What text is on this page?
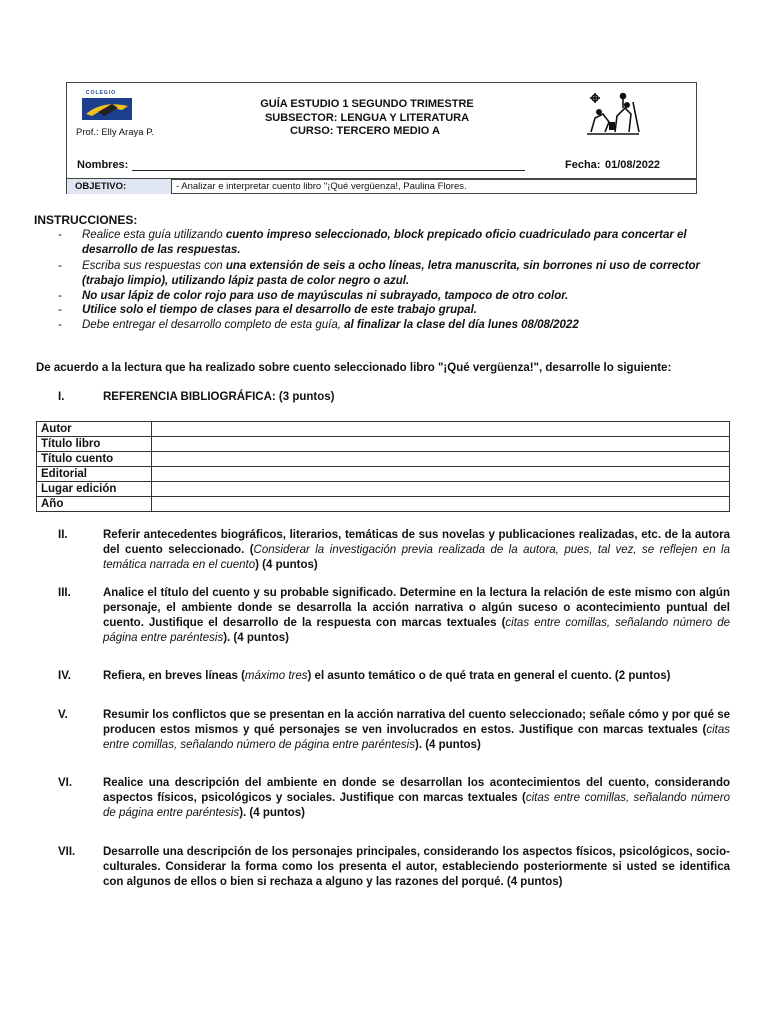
COLEGIO
Prof.: Elly Araya P.
GUÍA ESTUDIO 1 SEGUNDO TRIMESTRE
SUBSECTOR: LENGUA Y LITERATURA
CURSO: TERCERO MEDIO A
Nombres:	Fecha: 01/08/2022
OBJETIVO:	- Analizar e interpretar cuento libro "¡Qué vergüenza!, Paulina Flores.
INSTRUCCIONES:
- Realice esta guía utilizando cuento impreso seleccionado, block prepicado oficio cuadriculado para concertar el desarrollo de las respuestas.
- Escriba sus respuestas con una extensión de seis a ocho líneas, letra manuscrita, sin borrones ni uso de corrector (trabajo limpio), utilizando lápiz pasta de color negro o azul.
- No usar lápiz de color rojo para uso de mayúsculas ni subrayado, tampoco de otro color.
- Utilice solo el tiempo de clases para el desarrollo de este trabajo grupal.
- Debe entregar el desarrollo completo de esta guía, al finalizar la clase del día lunes 08/08/2022
De acuerdo a la lectura que ha realizado sobre cuento seleccionado libro "¡Qué vergüenza!", desarrolle lo siguiente:
I.	REFERENCIA BIBLIOGRÁFICA: (3 puntos)
Autor	
Título libro	
Título cuento	
Editorial	
Lugar edición	
Año	
II.	Referir antecedentes biográficos, literarios, temáticas de sus novelas y publicaciones realizadas, etc. de la autora del cuento seleccionado. (Considerar la investigación previa realizada de la autora, pues, tal vez, se reflejen en la temática narrada en el cuento) (4 puntos)
III.	Analice el título del cuento y su probable significado. Determine en la lectura la relación de este mismo con algún personaje, el ambiente donde se desarrolla la acción narrativa o algún suceso o acontecimiento puntual del cuento. Justifique el desarrollo de la respuesta con marcas textuales (citas entre comillas, señalando número de página entre paréntesis). (4 puntos)
IV.	Refiera, en breves líneas (máximo tres) el asunto temático o de qué trata en general el cuento. (2 puntos)
V.	Resumir los conflictos que se presentan en la acción narrativa del cuento seleccionado; señale cómo y por qué se producen estos mismos y qué personajes se ven involucrados en estos. Justifique con marcas textuales (citas entre comillas, señalando número de página entre paréntesis). (4 puntos)
VI.	Realice una descripción del ambiente en donde se desarrollan los acontecimientos del cuento, considerando aspectos físicos, psicológicos y sociales. Justifique con marcas textuales (citas entre comillas, señalando número de página entre paréntesis). (4 puntos)
VII. Desarrolle una descripción de los personajes principales, considerando los aspectos físicos, psicológicos, socio-culturales. Considerar la forma como los presenta el autor, estableciendo posteriormente si usted se identifica con algunos de ellos o bien si rechaza a alguno y las razones del porqué. (4 puntos)
